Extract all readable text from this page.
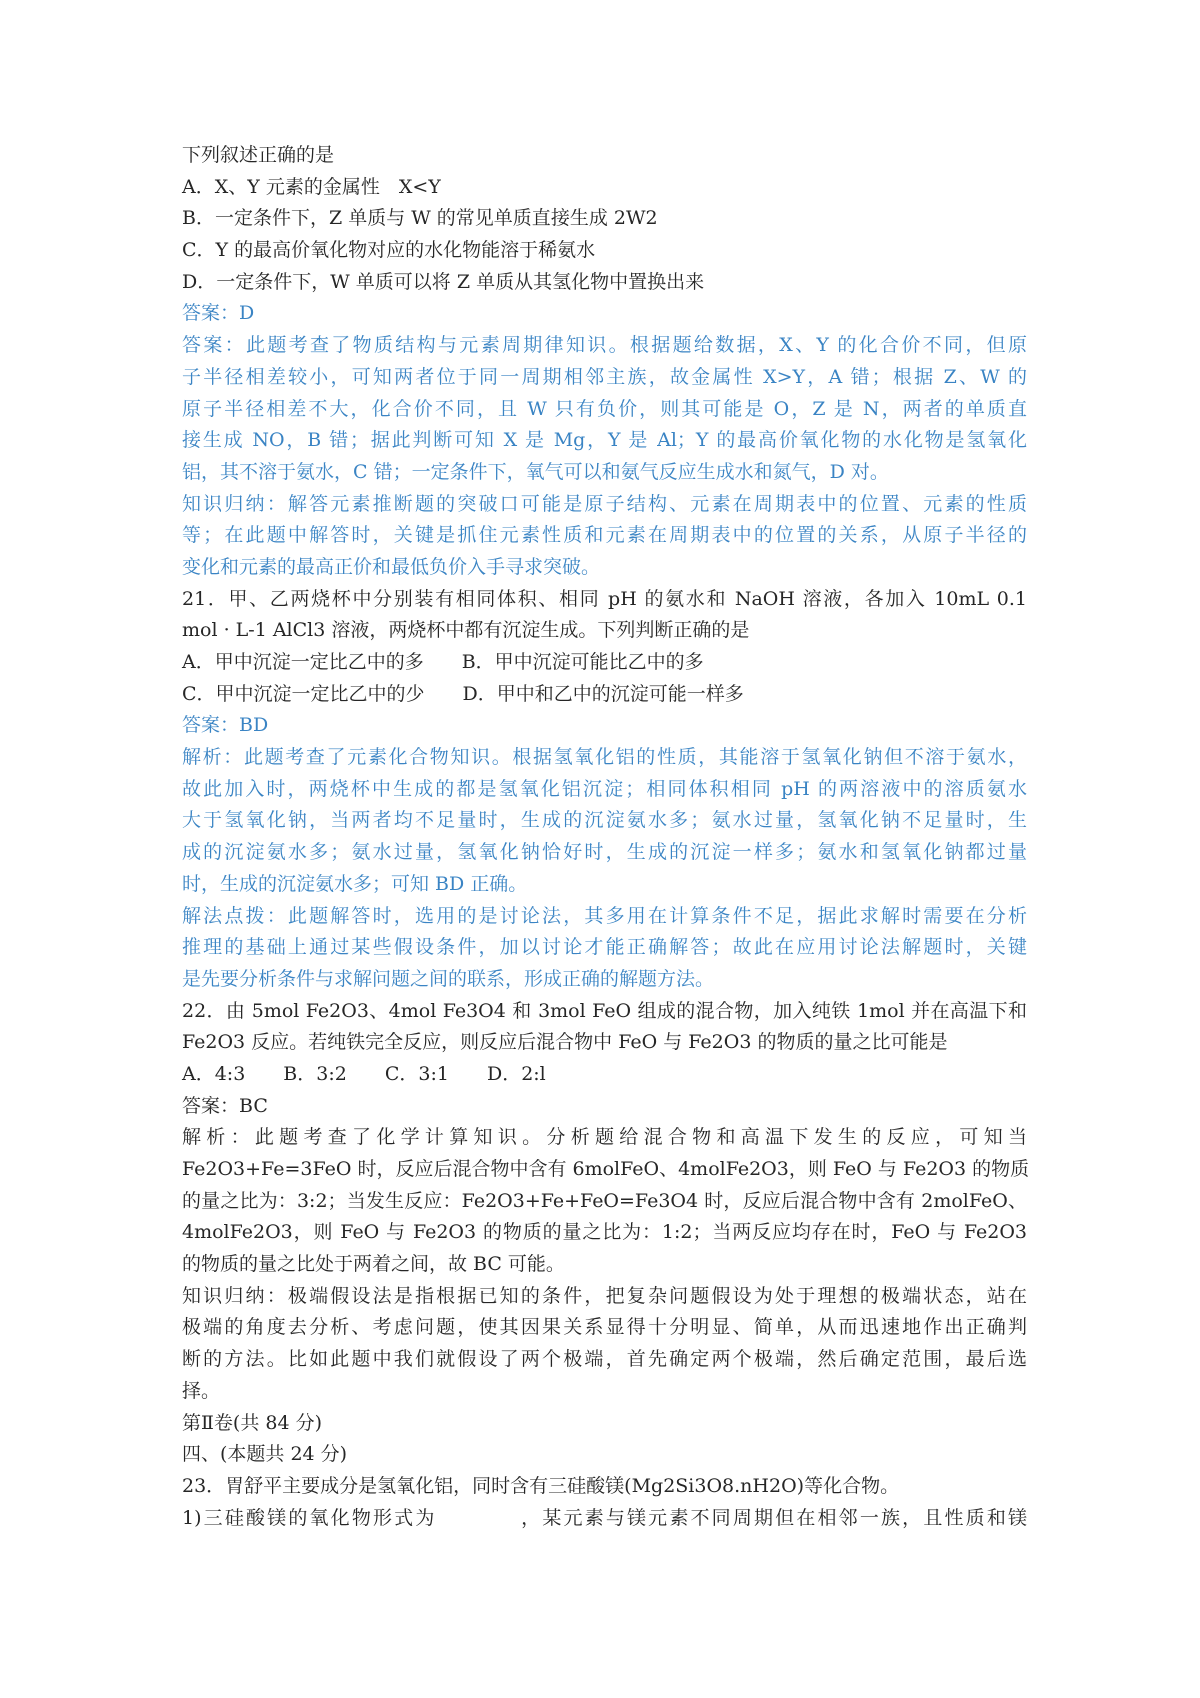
下列叙述正确的是
A．X、Y 元素的金属性　X<Y
B．一定条件下，Z 单质与 W 的常见单质直接生成 2W2
C．Y 的最高价氧化物对应的水化物能溶于稀氨水
D．一定条件下，W 单质可以将 Z 单质从其氢化物中置换出来
答案：D
答案：此题考查了物质结构与元素周期律知识。根据题给数据，X、Y 的化合价不同，但原
子半径相差较小，可知两者位于同一周期相邻主族，故金属性 X>Y，A 错；根据 Z、W 的
原子半径相差不大，化合价不同，且 W 只有负价，则其可能是 O，Z 是 N，两者的单质直
接生成 NO，B 错；据此判断可知 X 是 Mg，Y 是 Al；Y 的最高价氧化物的水化物是氢氧化
铝，其不溶于氨水，C 错；一定条件下，氧气可以和氨气反应生成水和氮气，D 对。
知识归纳：解答元素推断题的突破口可能是原子结构、元素在周期表中的位置、元素的性质
等；在此题中解答时，关键是抓住元素性质和元素在周期表中的位置的关系，从原子半径的
变化和元素的最高正价和最低负价入手寻求突破。
21．甲、乙两烧杯中分别装有相同体积、相同 pH 的氨水和 NaOH 溶液，各加入 10mL 0.1
mol · L-1 AlCl3 溶液，两烧杯中都有沉淀生成。下列判断正确的是
A．甲中沉淀一定比乙中的多　　B．甲中沉淀可能比乙中的多
C．甲中沉淀一定比乙中的少　　D．甲中和乙中的沉淀可能一样多
答案：BD
解析：此题考查了元素化合物知识。根据氢氧化铝的性质，其能溶于氢氧化钠但不溶于氨水，
故此加入时，两烧杯中生成的都是氢氧化铝沉淀；相同体积相同 pH 的两溶液中的溶质氨水
大于氢氧化钠，当两者均不足量时，生成的沉淀氨水多；氨水过量，氢氧化钠不足量时，生
成的沉淀氨水多；氨水过量，氢氧化钠恰好时，生成的沉淀一样多；氨水和氢氧化钠都过量
时，生成的沉淀氨水多；可知 BD 正确。
解法点拨：此题解答时，选用的是讨论法，其多用在计算条件不足，据此求解时需要在分析
推理的基础上通过某些假设条件，加以讨论才能正确解答；故此在应用讨论法解题时，关键
是先要分析条件与求解问题之间的联系，形成正确的解题方法。
22．由 5mol Fe2O3、4mol Fe3O4 和 3mol FeO 组成的混合物，加入纯铁 1mol 并在高温下和
Fe2O3 反应。若纯铁完全反应，则反应后混合物中 FeO 与 Fe2O3 的物质的量之比可能是
A．4:3　　B．3:2　　C．3:1　　D．2:l
答案：BC
解析：此题考查了化学计算知识。分析题给混合物和高温下发生的反应，可知当
Fe2O3+Fe=3FeO 时，反应后混合物中含有 6molFeO、4molFe2O3，则 FeO 与 Fe2O3 的物质
的量之比为：3:2；当发生反应：Fe2O3+Fe+FeO=Fe3O4 时，反应后混合物中含有 2molFeO、
4molFe2O3，则 FeO 与 Fe2O3 的物质的量之比为：1:2；当两反应均存在时，FeO 与 Fe2O3
的物质的量之比处于两着之间，故 BC 可能。
知识归纳：极端假设法是指根据已知的条件，把复杂问题假设为处于理想的极端状态，站在
极端的角度去分析、考虑问题，使其因果关系显得十分明显、简单，从而迅速地作出正确判
断的方法。比如此题中我们就假设了两个极端，首先确定两个极端，然后确定范围，最后选
择。
第Ⅱ卷(共 84 分)
四、(本题共 24 分)
23．胃舒平主要成分是氢氧化铝，同时含有三硅酸镁(Mg2Si3O8.nH2O)等化合物。
1)三硅酸镁的氧化物形式为　　　　，某元素与镁元素不同周期但在相邻一族，且性质和镁
